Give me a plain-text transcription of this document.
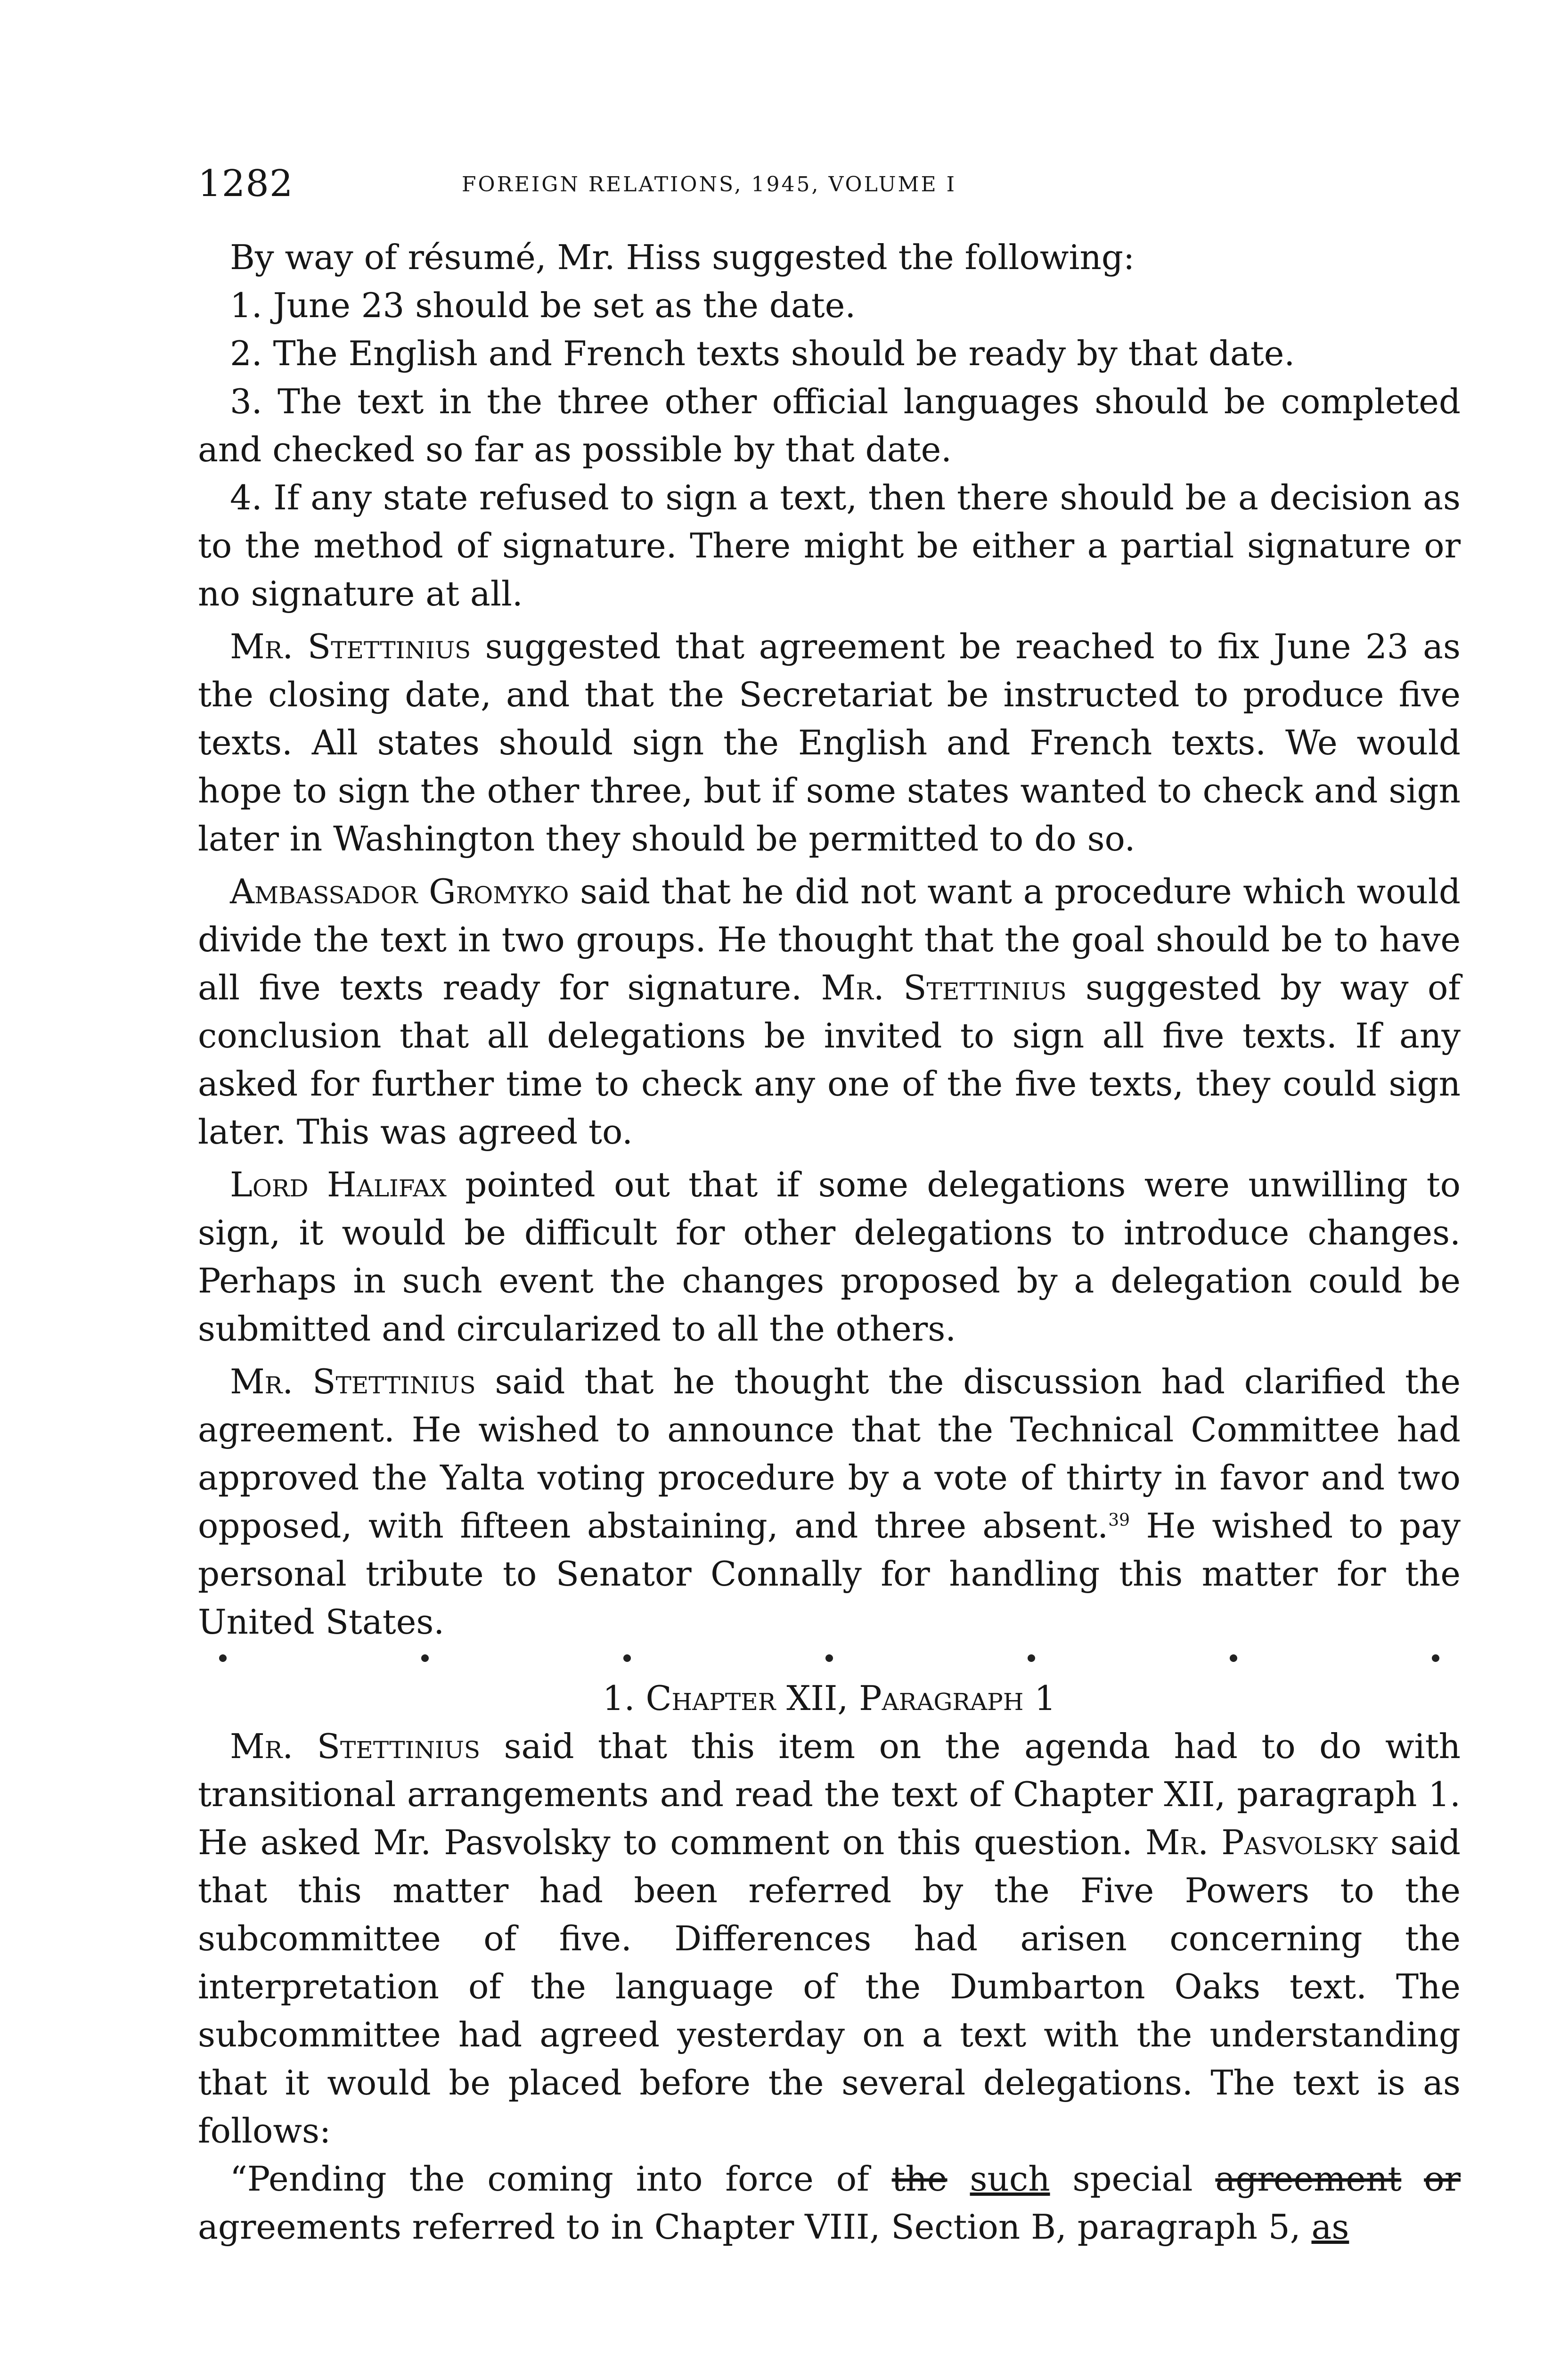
1282	FOREIGN RELATIONS, 1945, VOLUME I

By way of résumé, Mr. Hiss suggested the following:

1. June 23 should be set as the date.
2. The English and French texts should be ready by that date.
3. The text in the three other official languages should be completed and checked so far as possible by that date.
4. If any state refused to sign a text, then there should be a decision as to the method of signature. There might be either a partial signature or no signature at all.

Mr. Stettinius suggested that agreement be reached to fix June 23 as the closing date, and that the Secretariat be instructed to produce five texts. All states should sign the English and French texts. We would hope to sign the other three, but if some states wanted to check and sign later in Washington they should be permitted to do so.

Ambassador Gromyko said that he did not want a procedure which would divide the text in two groups. He thought that the goal should be to have all five texts ready for signature. Mr. Stettinius suggested by way of conclusion that all delegations be invited to sign all five texts. If any asked for further time to check any one of the five texts, they could sign later. This was agreed to.

Lord Halifax pointed out that if some delegations were unwilling to sign, it would be difficult for other delegations to introduce changes. Perhaps in such event the changes proposed by a delegation could be submitted and circularized to all the others.

Mr. Stettinius said that he thought the discussion had clarified the agreement. He wished to announce that the Technical Committee had approved the Yalta voting procedure by a vote of thirty in favor and two opposed, with fifteen abstaining, and three absent.$^{39}$ He wished to pay personal tribute to Senator Connally for handling this matter for the United States.

1. Chapter XII, Paragraph 1

Mr. Stettinius said that this item on the agenda had to do with transitional arrangements and read the text of Chapter XII, paragraph 1. He asked Mr. Pasvolsky to comment on this question. Mr. Pasvolsky said that this matter had been referred by the Five Powers to the subcommittee of five. Differences had arisen concerning the interpretation of the language of the Dumbarton Oaks text. The subcommittee had agreed yesterday on a text with the understanding that it would be placed before the several delegations. The text is as follows:

“Pending the coming into force of the such special agreement or agreements referred to in Chapter VIII, Section B, paragraph 5, as
